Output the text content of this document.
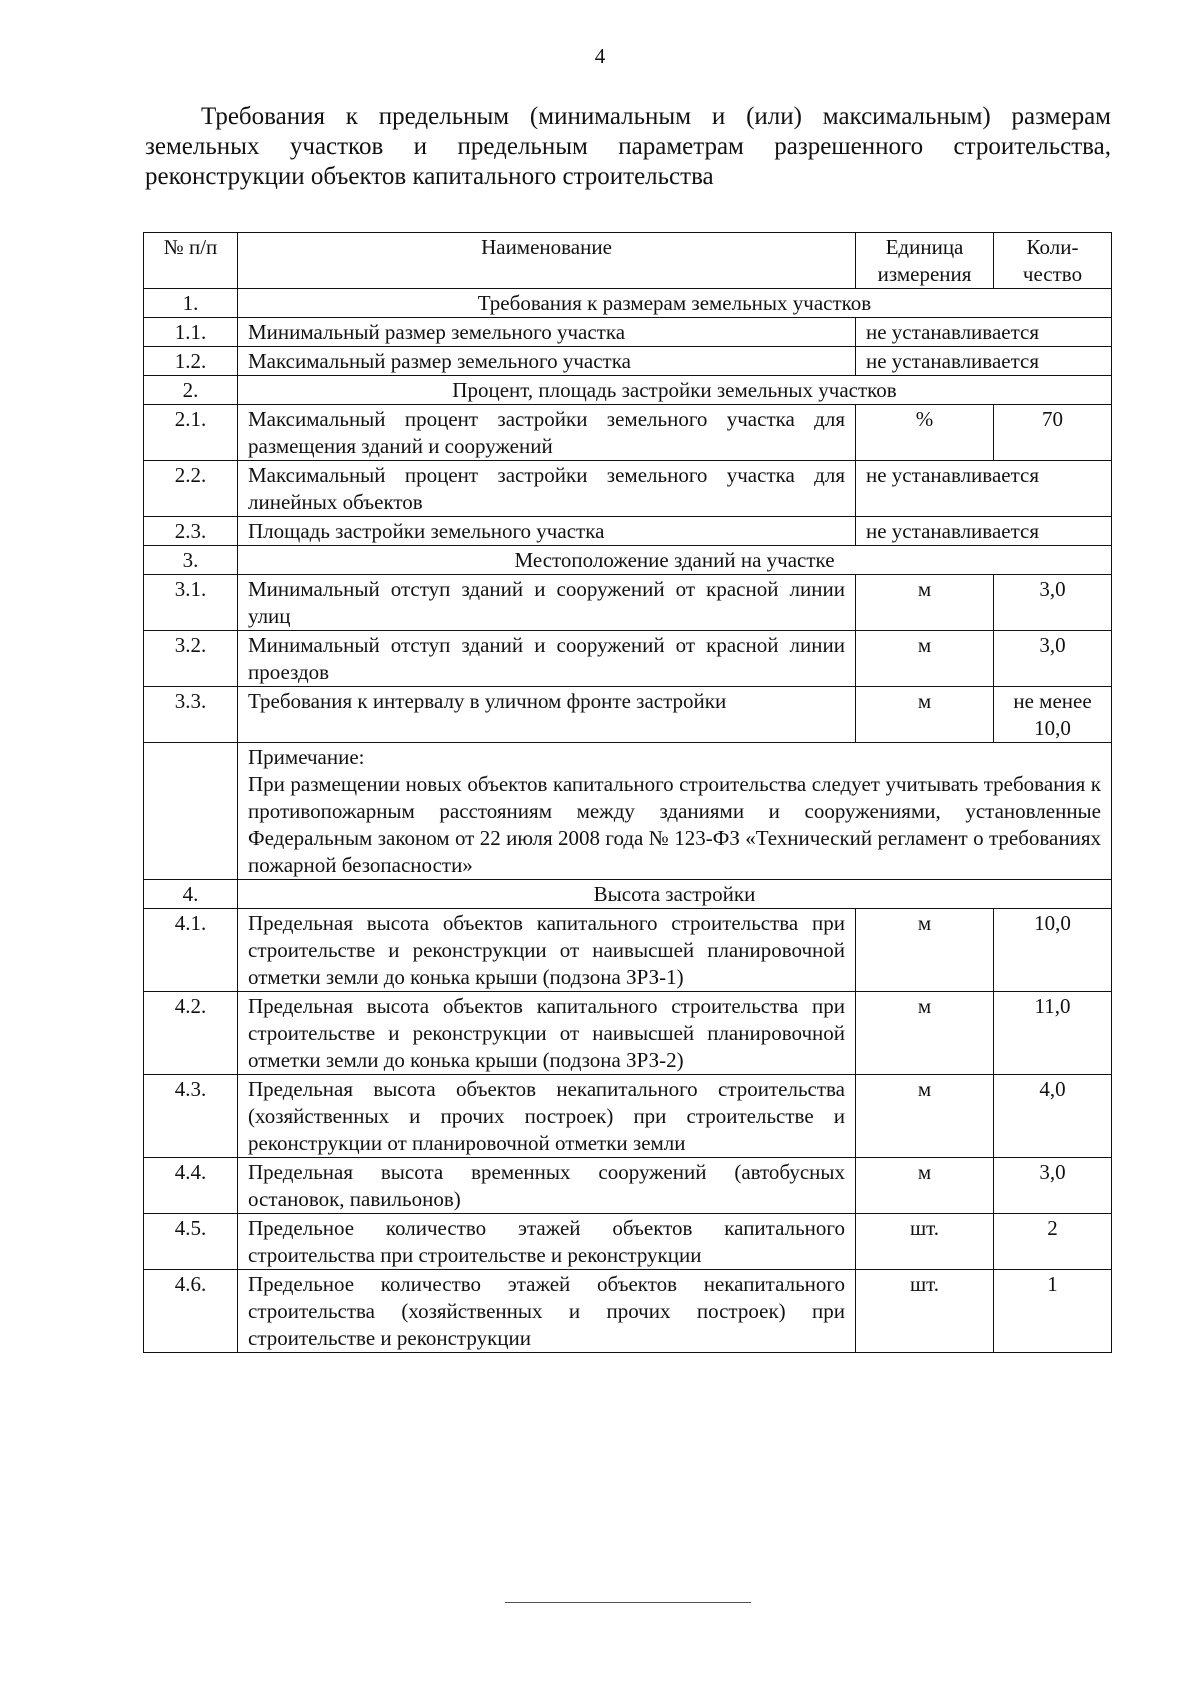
4
Требования к предельным (минимальным и (или) максимальным) размерам земельных участков и предельным параметрам разрешенного строительства, реконструкции объектов капитального строительства
№ п/п	Наименование	Единица измерения	Коли-чество
1.	Требования к размерам земельных участков		
1.1.	Минимальный размер земельного участка	не устанавливается	
1.2.	Максимальный размер земельного участка	не устанавливается	
2.	Процент, площадь застройки земельных участков		
2.1.	Максимальный процент застройки земельного участка для размещения зданий и сооружений	%	70
2.2.	Максимальный процент застройки земельного участка для линейных объектов	не устанавливается	
2.3.	Площадь застройки земельного участка	не устанавливается	
3.	Местоположение зданий на участке		
3.1.	Минимальный отступ зданий и сооружений от красной линии улиц	м	3,0
3.2.	Минимальный отступ зданий и сооружений от красной линии проездов	м	3,0
3.3.	Требования к интервалу в уличном фронте застройки	м	не менее 10,0

	Примечание:
При размещении новых объектов капитального строительства следует учитывать требования к противопожарным расстояниям между зданиями и сооружениями, установленные Федеральным законом от 22 июля 2008 года № 123-ФЗ «Технический регламент о требованиях пожарной безопасности»		

4.	Высота застройки		
4.1.	Предельная высота объектов капитального строительства при строительстве и реконструкции от наивысшей планировочной отметки земли до конька крыши (подзона ЗРЗ-1)	м	10,0
4.2.	Предельная высота объектов капитального строительства при строительстве и реконструкции от наивысшей планировочной отметки земли до конька крыши (подзона ЗРЗ-2)	м	11,0
4.3.	Предельная высота объектов некапитального строительства (хозяйственных и прочих построек) при строительстве и реконструкции от планировочной отметки земли	м	4,0
4.4.	Предельная высота временных сооружений (автобусных остановок, павильонов)	м	3,0
4.5.	Предельное количество этажей объектов капитального строительства при строительстве и реконструкции	шт.	2
4.6.	Предельное количество этажей объектов некапитального строительства (хозяйственных и прочих построек) при строительстве и реконструкции	шт.	1
